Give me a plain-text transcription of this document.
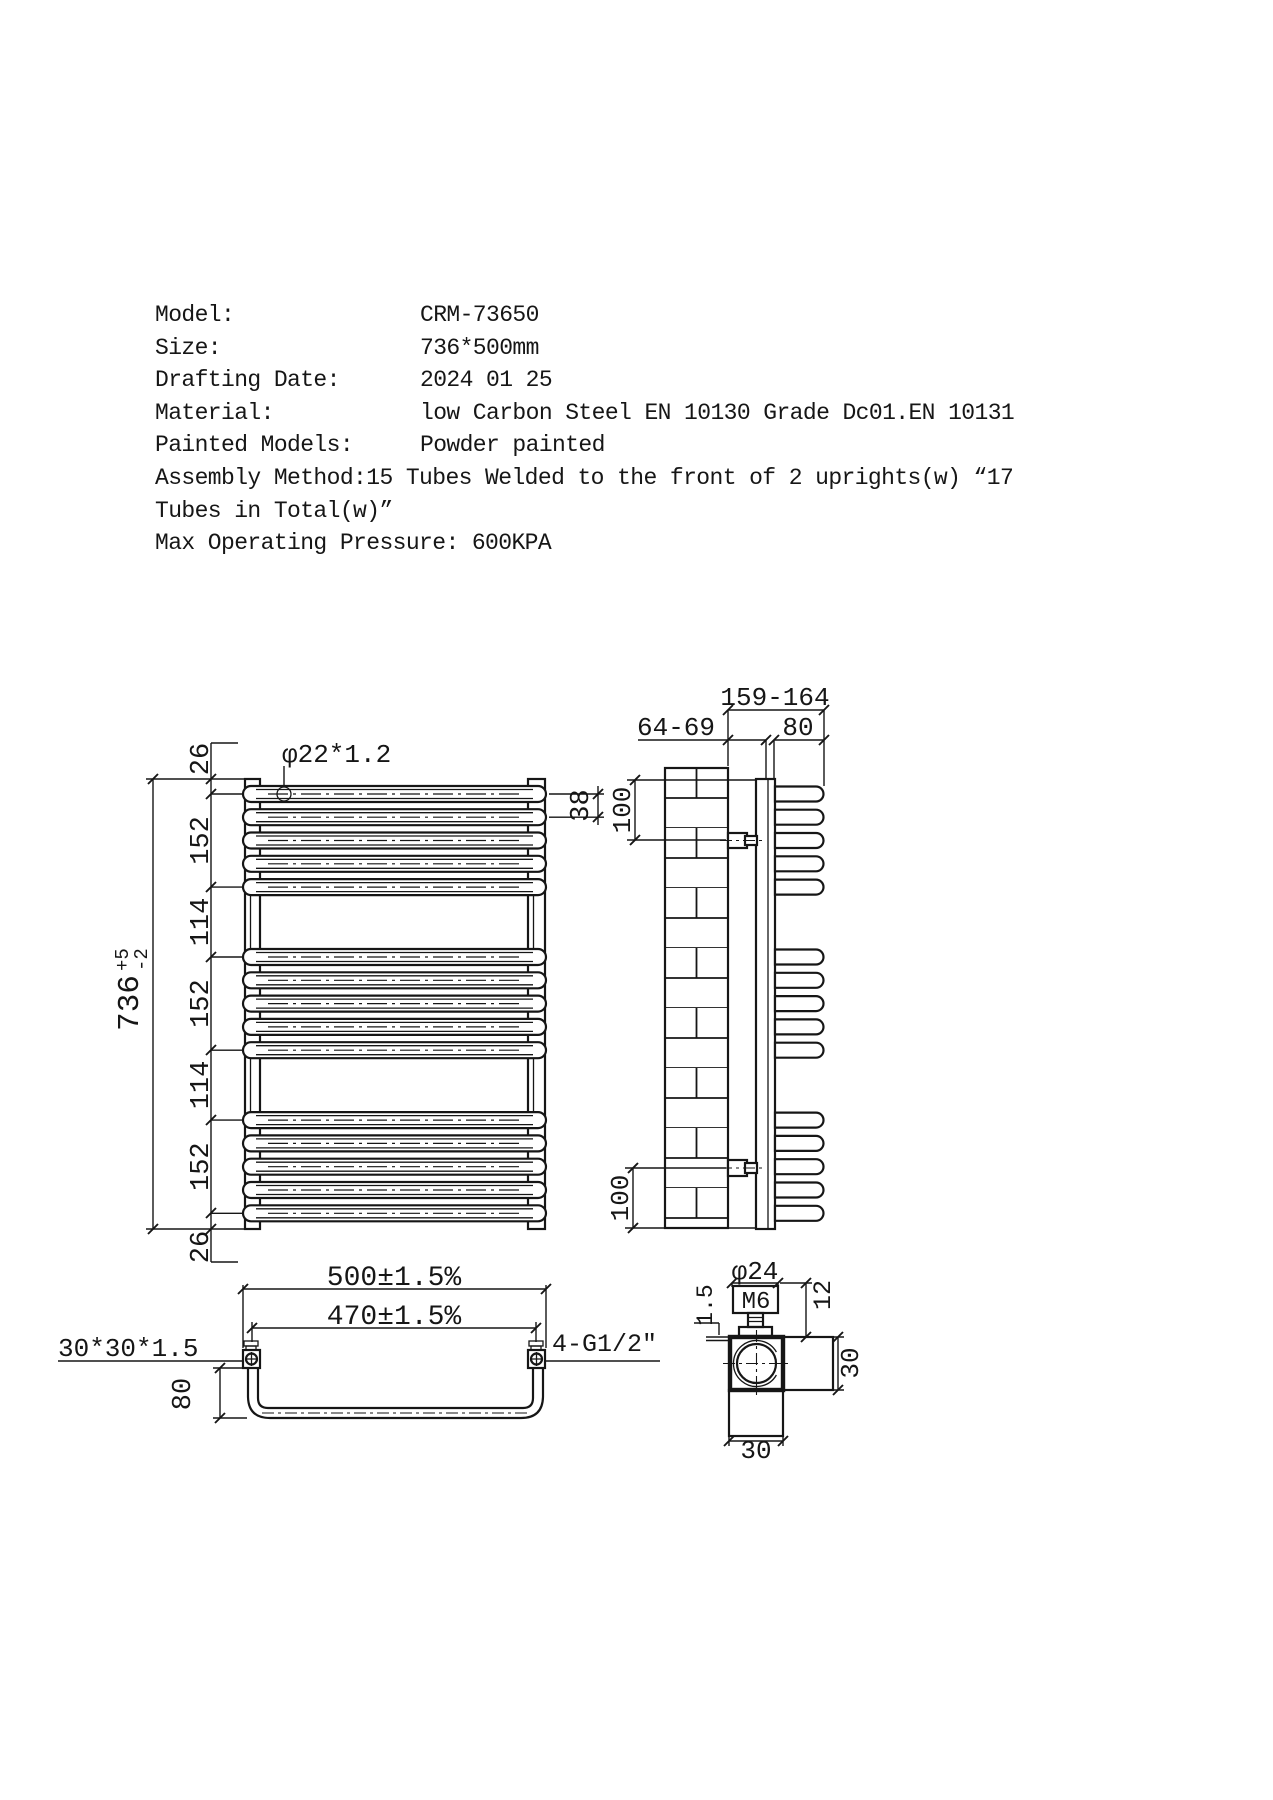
Model:	CRM-73650
Size:	736*500mm
Drafting Date:	2024 01 25
Material:	low Carbon Steel EN 10130 Grade Dc01.EN 10131
Painted Models:	Powder painted
Assembly Method:15 Tubes Welded to the front of 2 uprights(w) “17
Tubes in Total(w)”
Max Operating Pressure: 600KPA
φ22*1.2
736
+5
-2
26
152
114
152
114
152
26
38
159-164
64-69	80
100
100
500±1.5%
470±1.5%
30*30*1.5	4-G1/2″
80
φ24
M6
1.5	12
30
30
